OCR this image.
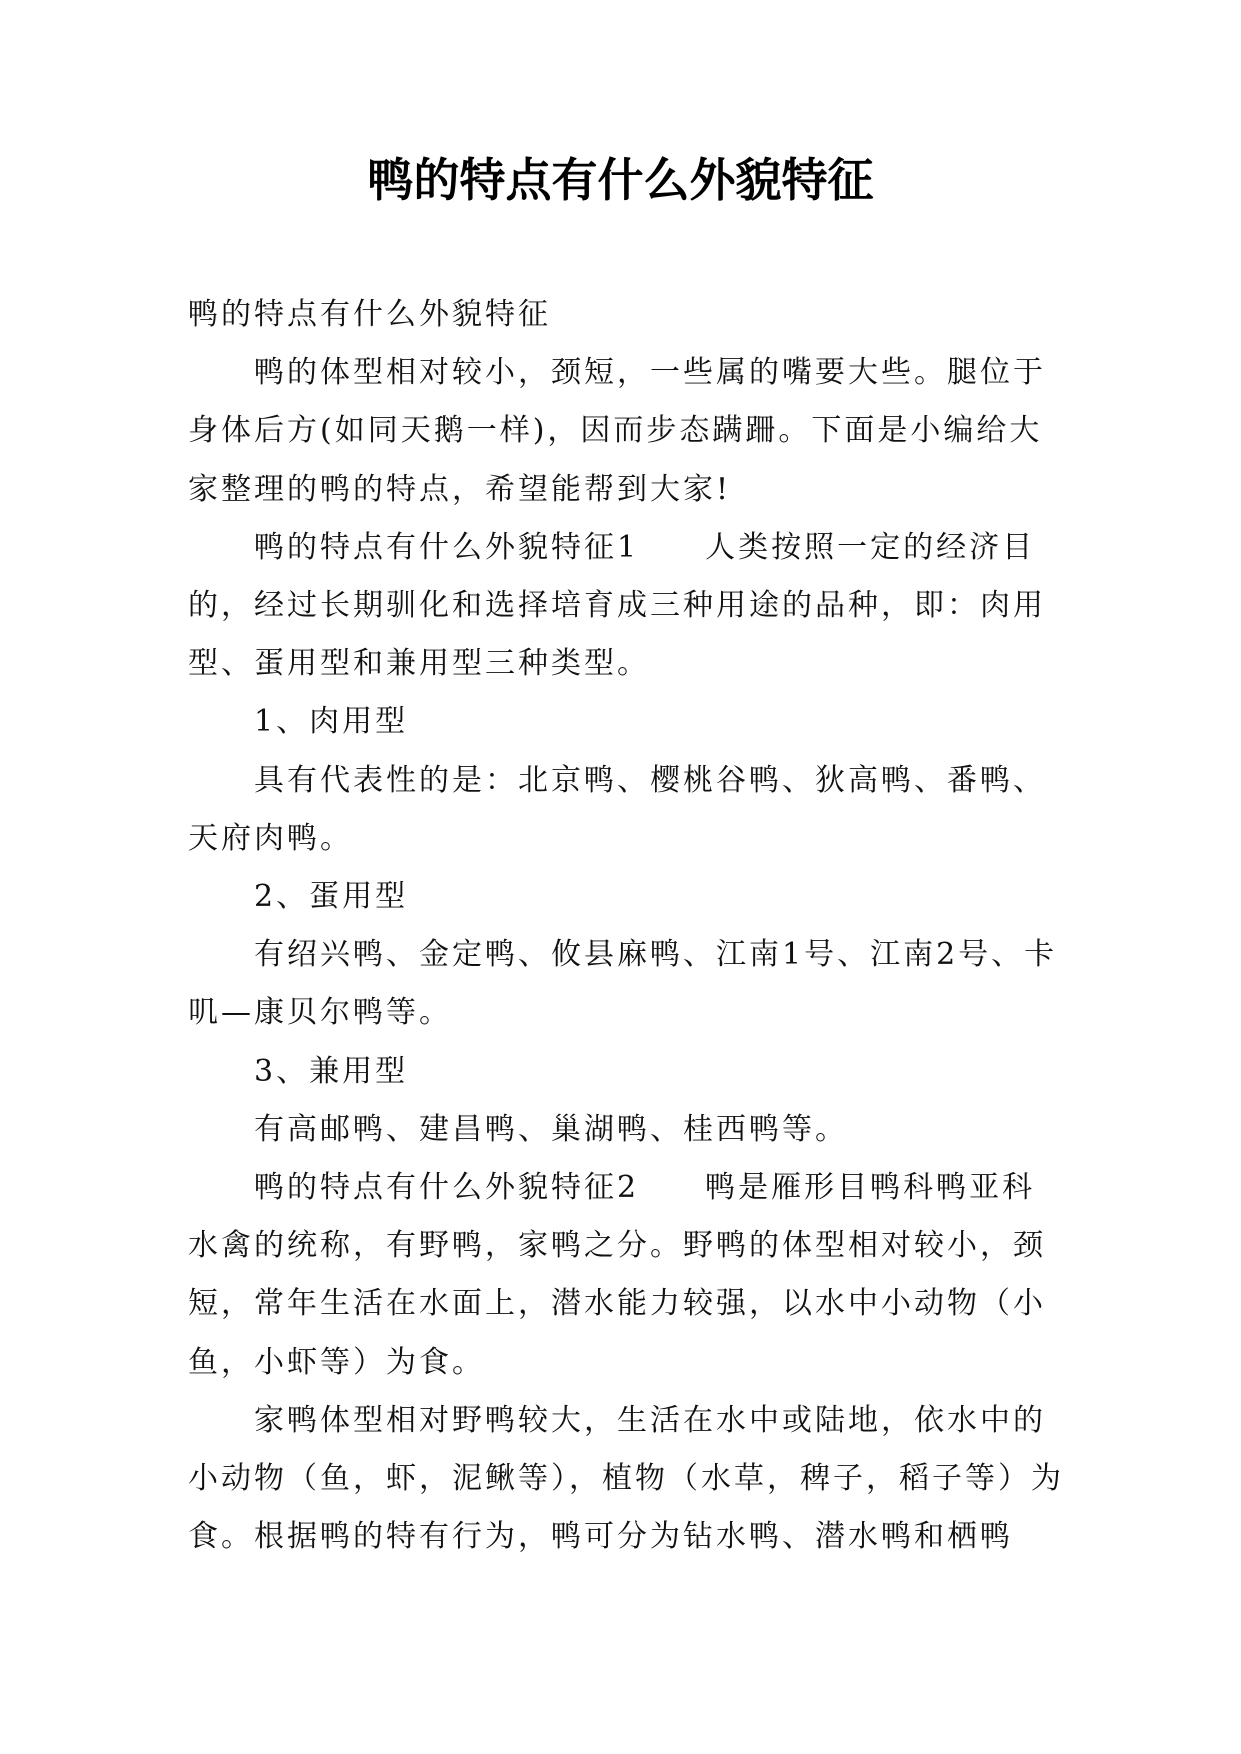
鸭的特点有什么外貌特征

鸭的特点有什么外貌特征

鸭的体型相对较小，颈短，一些属的嘴要大些。腿位于身体后方(如同天鹅一样)，因而步态蹒跚。下面是小编给大家整理的鸭的特点，希望能帮到大家!

鸭的特点有什么外貌特征1　　人类按照一定的经济目的，经过长期驯化和选择培育成三种用途的品种，即：肉用型、蛋用型和兼用型三种类型。

1、肉用型

具有代表性的是：北京鸭、樱桃谷鸭、狄高鸭、番鸭、天府肉鸭。

2、蛋用型

有绍兴鸭、金定鸭、攸县麻鸭、江南1号、江南2号、卡叽—康贝尔鸭等。

3、兼用型

有高邮鸭、建昌鸭、巢湖鸭、桂西鸭等。

鸭的特点有什么外貌特征2　　鸭是雁形目鸭科鸭亚科水禽的统称，有野鸭，家鸭之分。野鸭的体型相对较小，颈短，常年生活在水面上，潜水能力较强，以水中小动物（小鱼，小虾等）为食。

家鸭体型相对野鸭较大，生活在水中或陆地，依水中的小动物（鱼，虾，泥鳅等），植物（水草，稗子，稻子等）为食。根据鸭的特有行为，鸭可分为钻水鸭、潜水鸭和栖鸭
